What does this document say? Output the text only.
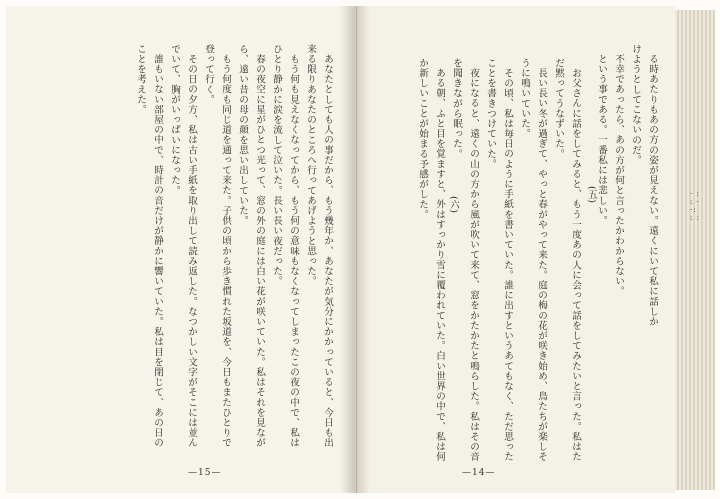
· :
: ·
·:
: :

あなたとしても人の事だから、もう幾年か、あなたが気分にかかっていると、今日も出来る限りあなたのところへ行ってあげようと思った。

もう何も見えなくなってから、もう何の意味もなくなってしまったこの夜の中で、私はひとり静かに涙を流して泣いた。長い長い夜だった。

春の夜空に星がひとつ光って、窓の外の庭には白い花が咲いていた。私はそれを見ながら、遠い昔の母の顔を思い出していた。

もう何度も同じ道を通って来た。子供の頃から歩き慣れた坂道を、今日もまたひとりで登って行く。

その日の夕方、私は古い手紙を取り出して読み返した。なつかしい文字がそこには並んでいて、胸がいっぱいになった。

誰もいない部屋の中で、時計の音だけが静かに響いていた。私は目を閉じて、あの日のことを考えた。	る時あたりもあの方の姿が見えない。遠くにいて私に話しかけようとしてこないのだ。

不幸であったら、あの方が何と言ったかわからない。

という事である。一番私には悲しい。

(五)

お父さんに話をしてみると、もう一度あの人に会って話をしてみたいと言った。私はただ黙ってうなずいた。

長い長い冬が過ぎて、やっと春がやって来た。庭の梅の花が咲き始め、鳥たちが楽しそうに鳴いていた。

その頃、私は毎日のように手紙を書いていた。誰に出すというあてもなく、ただ思ったことを書きつけていた。

夜になると、遠くの山の方から風が吹いて来て、窓をかたかたと鳴らした。私はその音を聞きながら眠った。

ある朝、ふと目を覚ますと、外はすっかり雪に覆われていた。白い世界の中で、私は何か新しいことが始まる予感がした。	(六)
—15—	—14—
